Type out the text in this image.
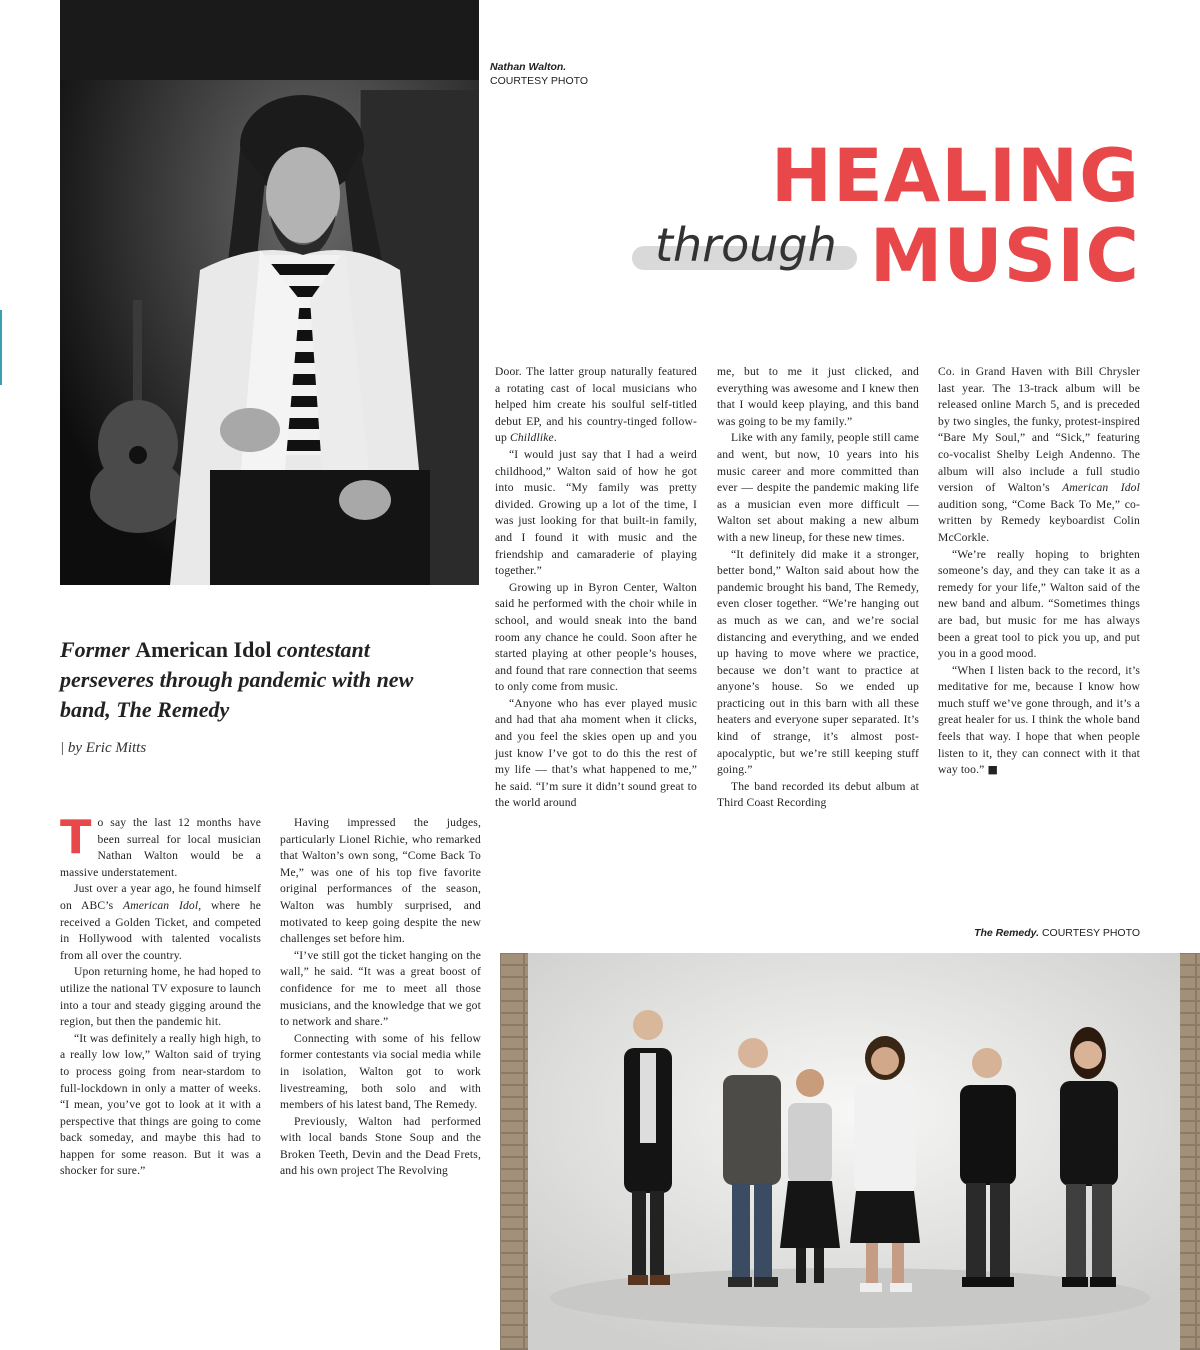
Nathan Walton.
COURTESY PHOTO
HEALING
through MUSIC
Former American Idol contestant perseveres through pandemic with new band, The Remedy
| by Eric Mitts

To say the last 12 months have been surreal for local musician Nathan Walton would be a massive understatement.

Just over a year ago, he found himself on ABC’s American Idol, where he received a Golden Ticket, and competed in Hollywood with talented vocalists from all over the country.

Upon returning home, he had hoped to utilize the national TV exposure to launch into a tour and steady gigging around the region, but then the pandemic hit.

“It was definitely a really high high, to a really low low,” Walton said of trying to process going from near-stardom to full-lockdown in only a matter of weeks. “I mean, you’ve got to look at it with a perspective that things are going to come back someday, and maybe this had to happen for some reason. But it was a shocker for sure.”

Having impressed the judges, particularly Lionel Richie, who remarked that Walton’s own song, “Come Back To Me,” was one of his top five favorite original performances of the season, Walton was humbly surprised, and motivated to keep going despite the new challenges set before him.

“I’ve still got the ticket hanging on the wall,” he said. “It was a great boost of confidence for me to meet all those musicians, and the knowledge that we got to network and share.”

Connecting with some of his fellow former contestants via social media while in isolation, Walton got to work livestreaming, both solo and with members of his latest band, The Remedy.

Previously, Walton had performed with local bands Stone Soup and the Broken Teeth, Devin and the Dead Frets, and his own project The Revolving

Door. The latter group naturally featured a rotating cast of local musicians who helped him create his soulful self-titled debut EP, and his country-tinged follow-up Childlike.

“I would just say that I had a weird childhood,” Walton said of how he got into music. “My family was pretty divided. Growing up a lot of the time, I was just looking for that built-in family, and I found it with music and the friendship and camaraderie of playing together.”

Growing up in Byron Center, Walton said he performed with the choir while in school, and would sneak into the band room any chance he could. Soon after he started playing at other people’s houses, and found that rare connection that seems to only come from music.

“Anyone who has ever played music and had that aha moment when it clicks, and you feel the skies open up and you just know I’ve got to do this the rest of my life — that’s what happened to me,” he said. “I’m sure it didn’t sound great to the world around

me, but to me it just clicked, and everything was awesome and I knew then that I would keep playing, and this band was going to be my family.”

Like with any family, people still came and went, but now, 10 years into his music career and more committed than ever — despite the pandemic making life as a musician even more difficult — Walton set about making a new album with a new lineup, for these new times.

“It definitely did make it a stronger, better bond,” Walton said about how the pandemic brought his band, The Remedy, even closer together. “We’re hanging out as much as we can, and we’re social distancing and everything, and we ended up having to move where we practice, because we don’t want to practice at anyone’s house. So we ended up practicing out in this barn with all these heaters and everyone super separated. It’s kind of strange, it’s almost post-apocalyptic, but we’re still keeping stuff going.”

The band recorded its debut album at Third Coast Recording

Co. in Grand Haven with Bill Chrysler last year. The 13-track album will be released online March 5, and is preceded by two singles, the funky, protest-inspired “Bare My Soul,” and “Sick,” featuring co-vocalist Shelby Leigh Andenno. The album will also include a full studio version of Walton’s American Idol audition song, “Come Back To Me,” co-written by Remedy keyboardist Colin McCorkle.

“We’re really hoping to brighten someone’s day, and they can take it as a remedy for your life,” Walton said of the new band and album. “Sometimes things are bad, but music for me has always been a great tool to pick you up, and put you in a good mood.

“When I listen back to the record, it’s meditative for me, because I know how much stuff we’ve gone through, and it’s a great healer for us. I think the whole band feels that way. I hope that when people listen to it, they can connect with it that way too.” ■

The Remedy. COURTESY PHOTO
